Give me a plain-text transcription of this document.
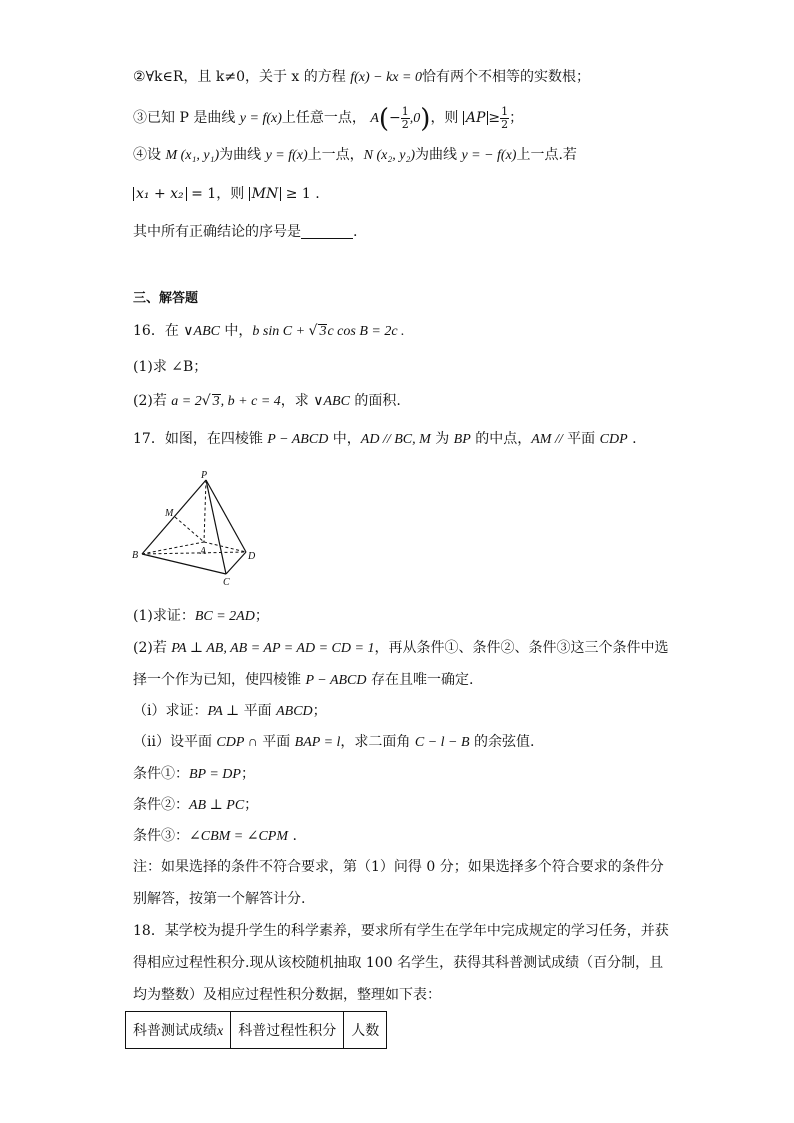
②∀k∈R，且 k≠0，关于 x 的方程 f(x) − kx = 0恰有两个不相等的实数根；
③已知 P 是曲线 y = f(x)上任意一点， $A(- \frac{1}{2} ,0)$，则 AP ≥ $\frac{1}{2}$ ；
④设 M (x₁, y₁)为曲线 y = f(x)上一点，N (x₂, y₂)为曲线 y = − f(x)上一点.若
x₁ + x₂ = 1，则 MN ≥ 1 .
其中所有正确结论的序号是	.
三、解答题
16．在 ∨ABC 中，b sin C + √ 3c cos B = 2c .
(1)求 ∠B；
(2)若 a = 2√ 3, b + c = 4，求 ∨ABC 的面积.
17．如图，在四棱锥 P − ABCD 中，AD // BC, M 为 BP 的中点，AM // 平面 CDP .
P
M
A
B
C
D
(1)求证：BC = 2AD；
(2)若 PA ⊥ AB, AB = AP = AD = CD = 1，再从条件①、条件②、条件③这三个条件中选
择一个作为已知，使四棱锥 P − ABCD 存在且唯一确定.
（i）求证：PA ⊥ 平面 ABCD；
（ⅱ）设平面 CDP ∩ 平面 BAP = l，求二面角 C − l − B 的余弦值.
条件①：BP = DP；
条件②：AB ⊥ PC；
条件③：∠CBM = ∠CPM .
注：如果选择的条件不符合要求，第（1）问得 0 分；如果选择多个符合要求的条件分
别解答，按第一个解答计分.
18．某学校为提升学生的科学素养，要求所有学生在学年中完成规定的学习任务，并获
得相应过程性积分.现从该校随机抽取 100 名学生，获得其科普测试成绩（百分制，且
均为整数）及相应过程性积分数据，整理如下表：
科普测试成绩x	科普过程性积分	人数
